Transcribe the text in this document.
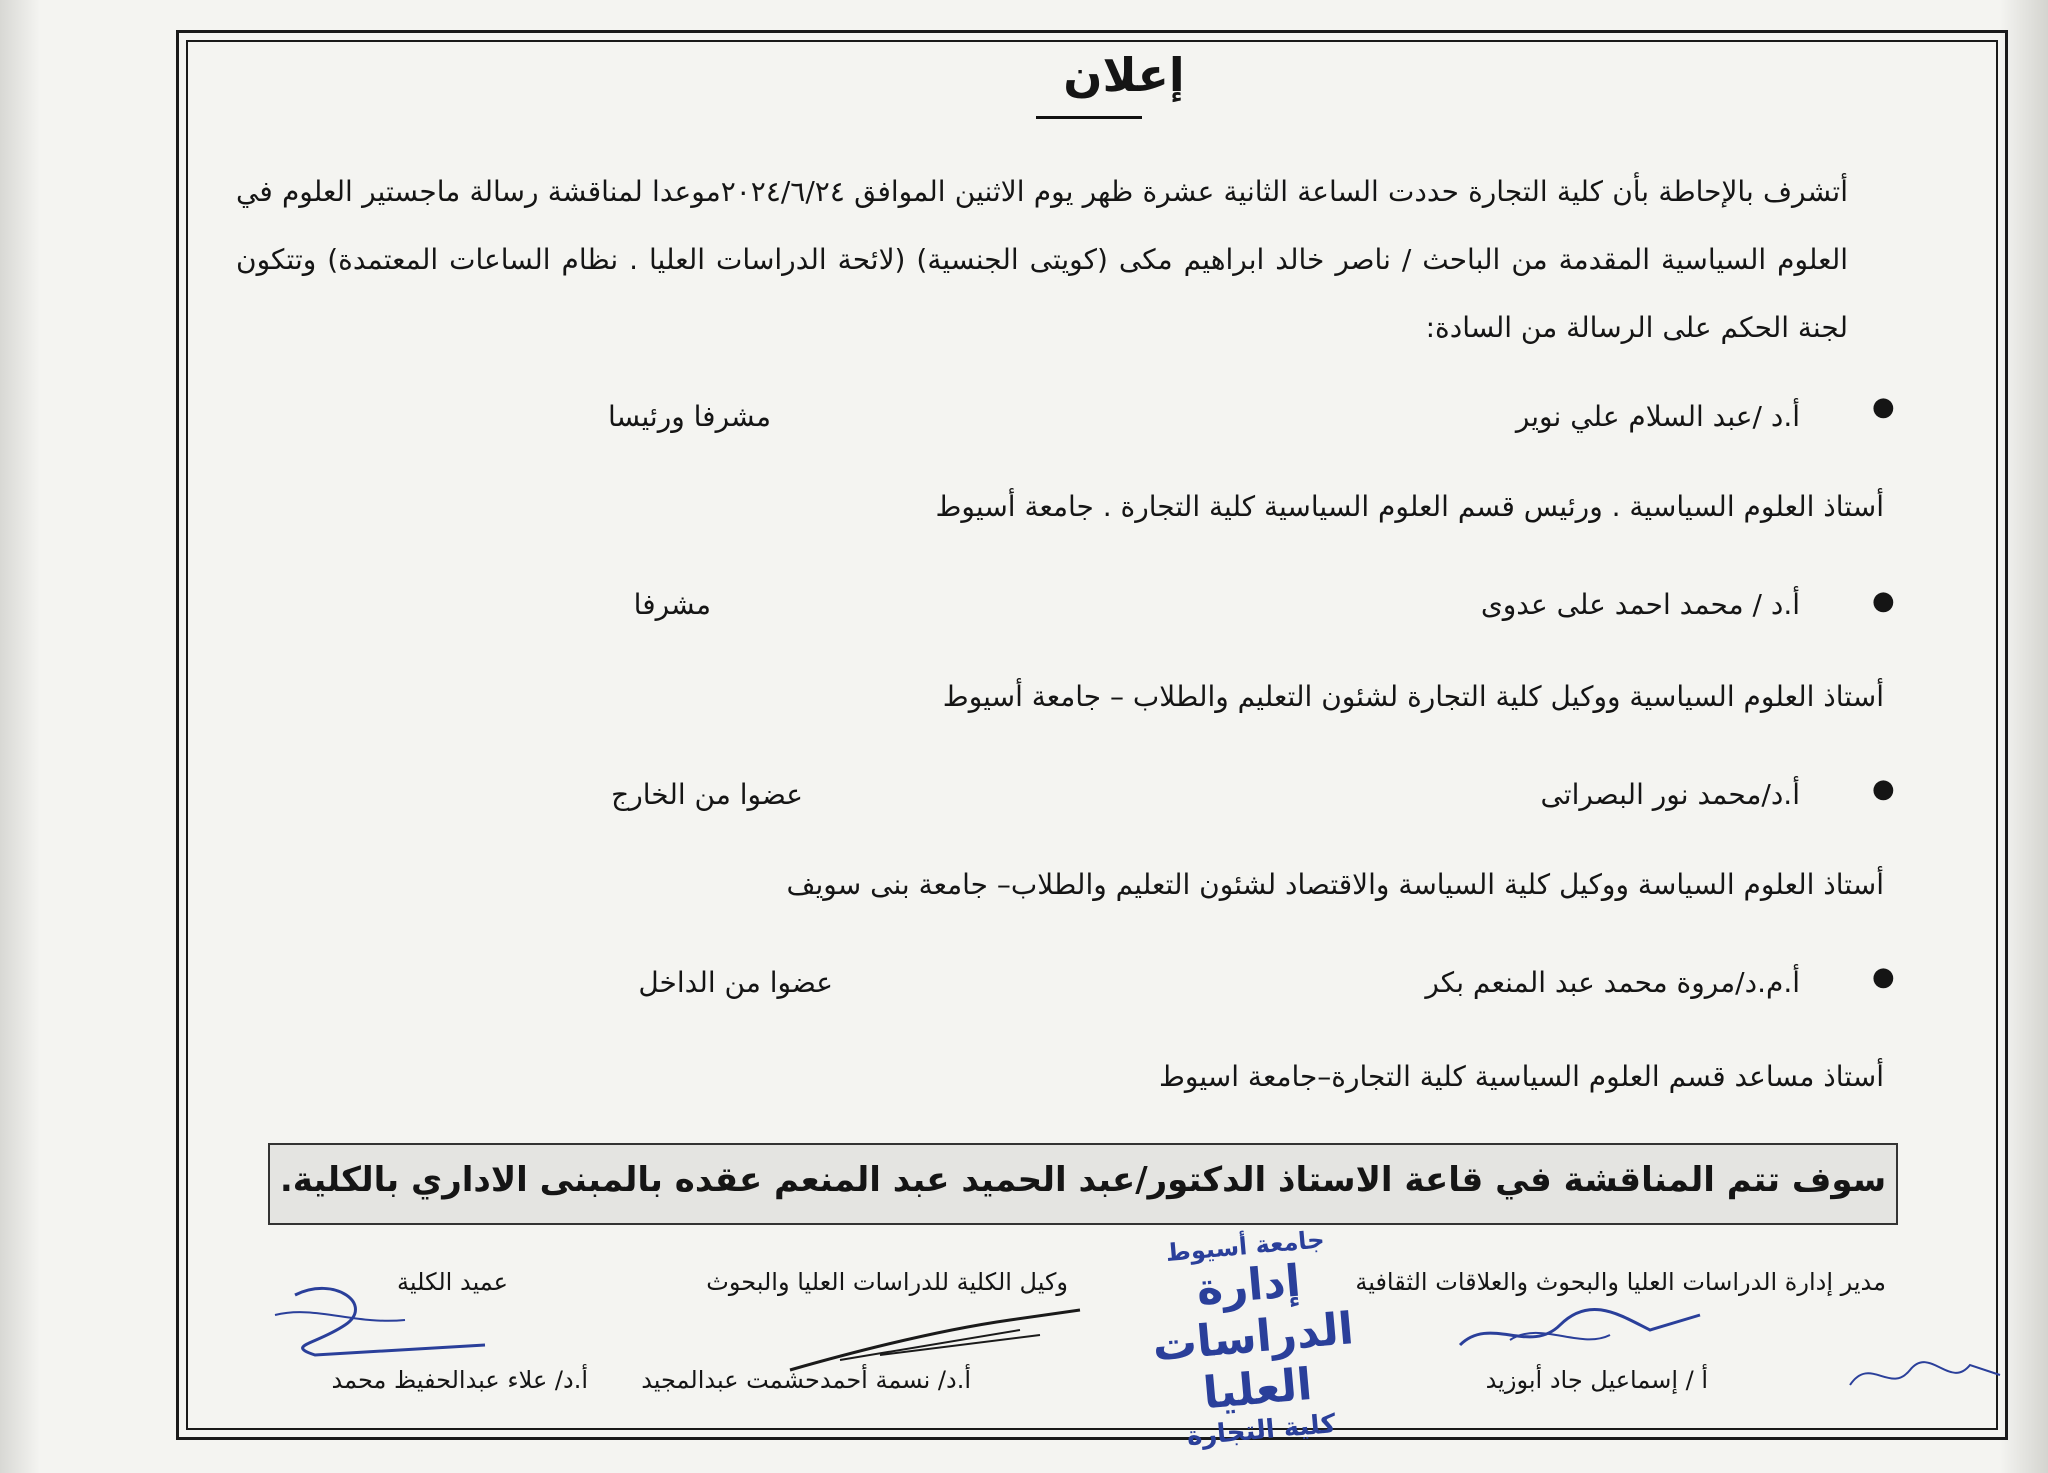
إعلان
أتشرف بالإحاطة بأن كلية التجارة حددت الساعة الثانية عشرة ظهر يوم الاثنين الموافق ٢٠٢٤/٦/٢٤موعدا لمناقشة رسالة ماجستير العلوم في العلوم السياسية المقدمة من الباحث / ناصر خالد ابراهيم مكى (كويتى الجنسية) (لائحة الدراسات العليا . نظام الساعات المعتمدة) وتتكون لجنة الحكم على الرسالة من السادة:
●
أ.د /عبد السلام علي نوير
مشرفا ورئيسا
أستاذ العلوم السياسية . ورئيس قسم العلوم السياسية كلية التجارة . جامعة أسيوط
●
أ.د / محمد احمد على عدوى
مشرفا
أستاذ العلوم السياسية ووكيل كلية التجارة لشئون التعليم والطلاب – جامعة أسيوط
●
أ.د/محمد نور البصراتى
عضوا من الخارج
أستاذ العلوم السياسة ووكيل كلية السياسة والاقتصاد لشئون التعليم والطلاب– جامعة بنى سويف
●
أ.م.د/مروة محمد عبد المنعم بكر
عضوا من الداخل
أستاذ مساعد قسم العلوم السياسية كلية التجارة–جامعة اسيوط
سوف تتم المناقشة في قاعة الاستاذ الدكتور/عبد الحميد عبد المنعم عقده بالمبنى الاداري بالكلية.
مدير إدارة الدراسات العليا والبحوث والعلاقات الثقافية
وكيل الكلية للدراسات العليا والبحوث
عميد الكلية
أ / إسماعيل جاد أبوزيد
أ.د/ نسمة أحمدحشمت عبدالمجيد
أ.د/ علاء عبدالحفيظ محمد
جامعة أسيوط
إدارة الدراسات العليا
كلية التجارة
